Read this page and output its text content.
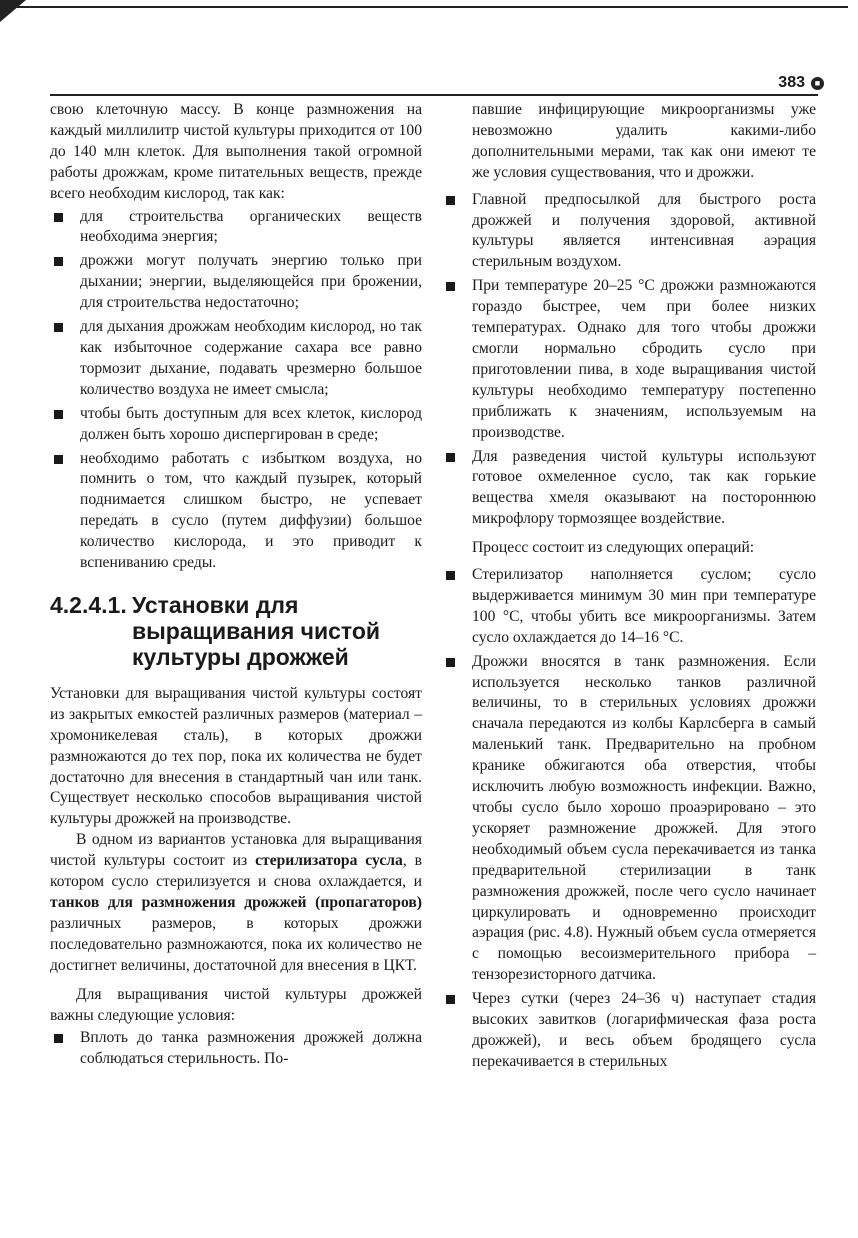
383	■

свою клеточную массу. В конце размножения на каждый миллилитр чистой культуры приходится от 100 до 140 млн клеток. Для выполнения такой огромной работы дрожжам, кроме питательных веществ, прежде всего необходим кислород, так как:

для строительства органических веществ необходима энергия;
дрожжи могут получать энергию только при дыхании; энергии, выделяющейся при брожении, для строительства недостаточно;
для дыхания дрожжам необходим кислород, но так как избыточное содержание сахара все равно тормозит дыхание, подавать чрезмерно большое количество воздуха не имеет смысла;
чтобы быть доступным для всех клеток, кислород должен быть хорошо диспергирован в среде;
необходимо работать с избытком воздуха, но помнить о том, что каждый пузырек, который поднимается слишком быстро, не успевает передать в сусло (путем диффузии) большое количество кислорода, и это приводит к вспениванию среды.
4.2.4.1. Установки для выращивания чистой культуры дрожжей

Установки для выращивания чистой культуры состоят из закрытых емкостей различных размеров (материал – хромоникелевая сталь), в которых дрожжи размножаются до тех пор, пока их количества не будет достаточно для внесения в стандартный чан или танк. Существует несколько способов выращивания чистой культуры дрожжей на производстве.

В одном из вариантов установка для выращивания чистой культуры состоит из стерилизатора сусла, в котором сусло стерилизуется и снова охлаждается, и танков для размножения дрожжей (пропагаторов) различных размеров, в которых дрожжи последовательно размножаются, пока их количество не достигнет величины, достаточной для внесения в ЦКТ.

Для выращивания чистой культуры дрожжей важны следующие условия:

Вплоть до танка размножения дрожжей должна соблюдаться стерильность. По-

павшие инфицирующие микроорганизмы уже невозможно удалить какими-либо дополнительными мерами, так как они имеют те же условия существования, что и дрожжи.

Главной предпосылкой для быстрого роста дрожжей и получения здоровой, активной культуры является интенсивная аэрация стерильным воздухом.
При температуре 20–25 °С дрожжи размножаются гораздо быстрее, чем при более низких температурах. Однако для того чтобы дрожжи смогли нормально сбродить сусло при приготовлении пива, в ходе выращивания чистой культуры необходимо температуру постепенно приближать к значениям, используемым на производстве.
Для разведения чистой культуры используют готовое охмеленное сусло, так как горькие вещества хмеля оказывают на постороннюю микрофлору тормозящее воздействие.

Процесс состоит из следующих операций:

Стерилизатор наполняется суслом; сусло выдерживается минимум 30 мин при температуре 100 °С, чтобы убить все микроорганизмы. Затем сусло охлаждается до 14–16 °С.
Дрожжи вносятся в танк размножения. Если используется несколько танков различной величины, то в стерильных условиях дрожжи сначала передаются из колбы Карлсберга в самый маленький танк. Предварительно на пробном кранике обжигаются оба отверстия, чтобы исключить любую возможность инфекции. Важно, чтобы сусло было хорошо проаэрировано – это ускоряет размножение дрожжей. Для этого необходимый объем сусла перекачивается из танка предварительной стерилизации в танк размножения дрожжей, после чего сусло начинает циркулировать и одновременно происходит аэрация (рис. 4.8). Нужный объем сусла отмеряется с помощью весоизмерительного прибора – тензорезисторного датчика.
Через сутки (через 24–36 ч) наступает стадия высоких завитков (логарифмическая фаза роста дрожжей), и весь объем бродящего сусла перекачивается в стерильных
